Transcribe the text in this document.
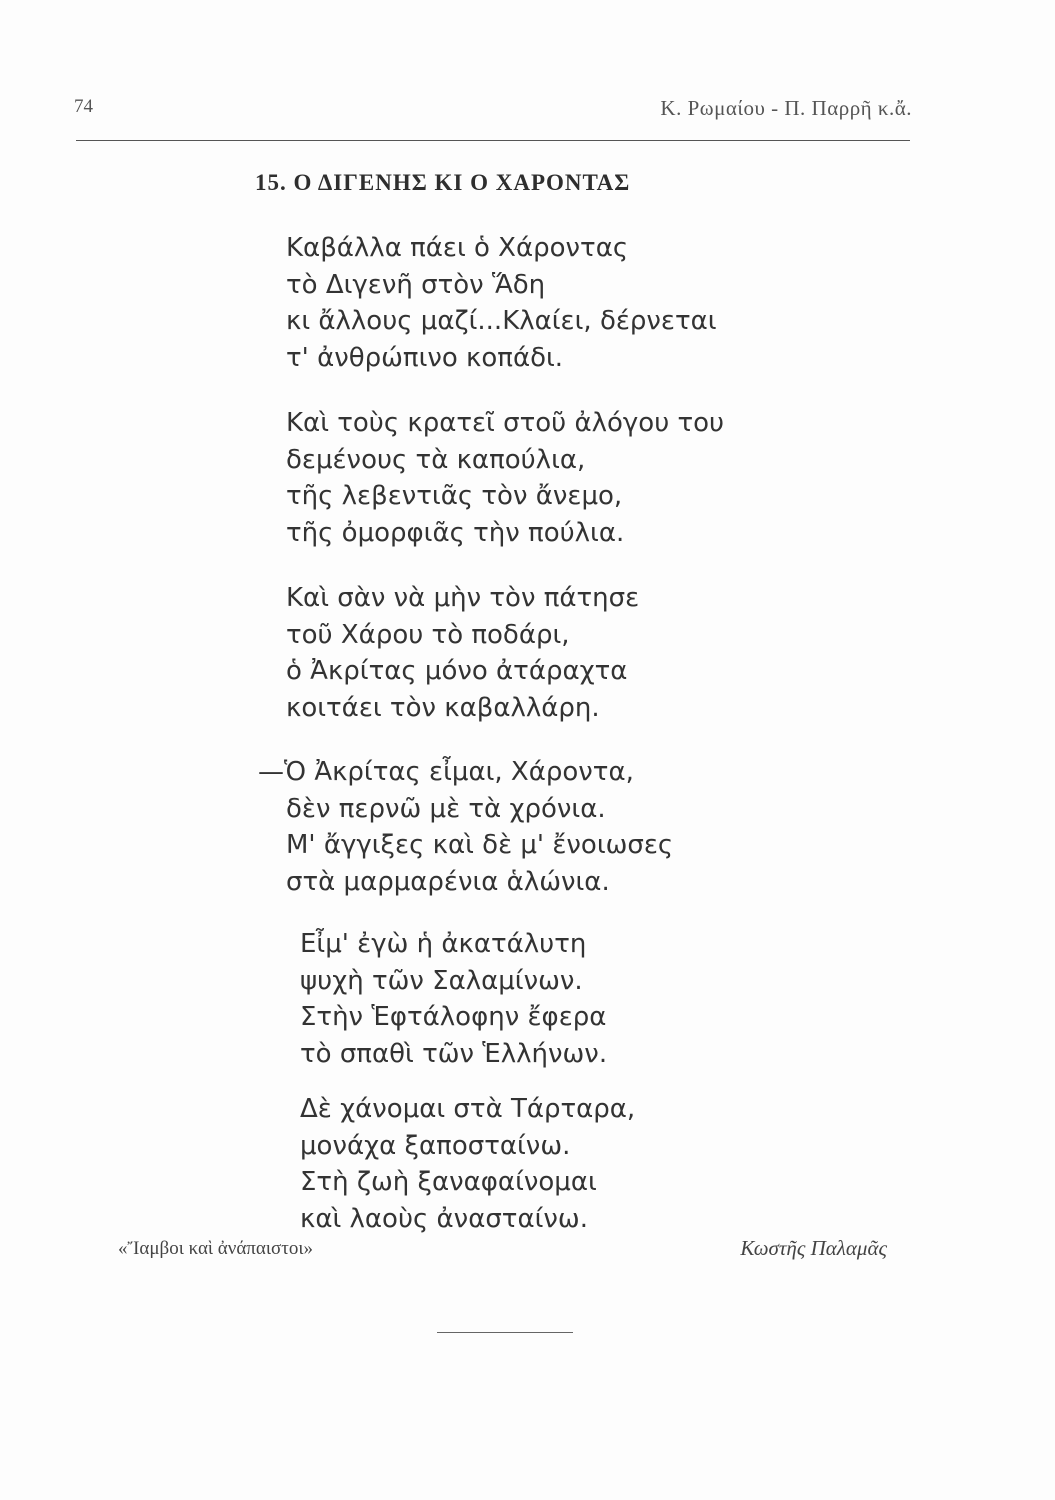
74	Κ. Ρωμαίου - Π. Παρρῆ κ.ἄ.
15. Ο ΔΙΓΕΝΗΣ ΚΙ Ο ΧΑΡΟΝΤΑΣ
Καβάλλα πάει ὁ Χάροντας
τὸ Διγενῆ στὸν Ἅδη
κι ἄλλους μαζί...Κλαίει, δέρνεται
τ' ἀνθρώπινο κοπάδι.
Καὶ τοὺς κρατεῖ στοῦ ἀλόγου του
δεμένους τὰ καπούλια,
τῆς λεβεντιᾶς τὸν ἄνεμο,
τῆς ὀμορφιᾶς τὴν πούλια.
Καὶ σὰν νὰ μὴν τὸν πάτησε
τοῦ Χάρου τὸ ποδάρι,
ὁ Ἀκρίτας μόνο ἀτάραχτα
κοιτάει τὸν καβαλλάρη.
—Ὁ Ἀκρίτας εἶμαι, Χάροντα,
δὲν περνῶ μὲ τὰ χρόνια.
Μ' ἄγγιξες καὶ δὲ μ' ἔνοιωσες
στὰ μαρμαρένια ἁλώνια.
Εἶμ' ἐγὼ ἡ ἀκατάλυτη
ψυχὴ τῶν Σαλαμίνων.
Στὴν Ἑφτάλοφην ἔφερα
τὸ σπαθὶ τῶν Ἑλλήνων.
Δὲ χάνομαι στὰ Τάρταρα,
μονάχα ξαποσταίνω.
Στὴ ζωὴ ξαναφαίνομαι
καὶ λαοὺς ἀνασταίνω.
«Ἴαμβοι καὶ ἀνάπαιστοι»	Κωστῆς Παλαμᾶς
